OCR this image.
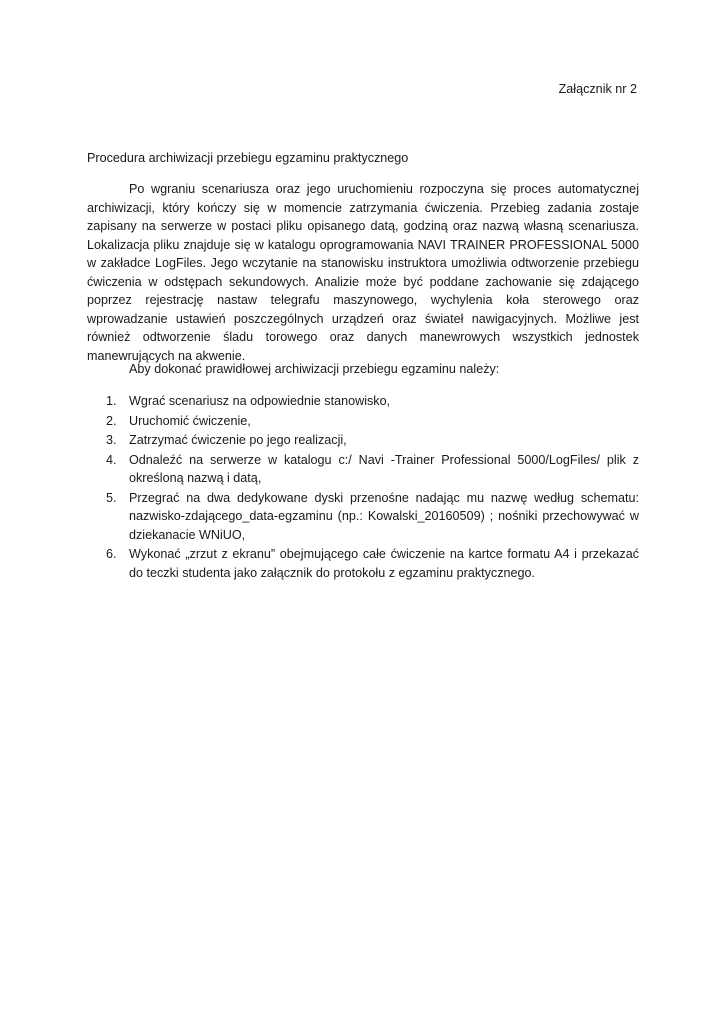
Załącznik nr 2
Procedura archiwizacji przebiegu egzaminu praktycznego

Po wgraniu scenariusza oraz jego uruchomieniu rozpoczyna się proces automatycznej archiwizacji, który kończy się w momencie zatrzymania ćwiczenia. Przebieg zadania zostaje zapisany na serwerze w postaci pliku opisanego datą, godziną oraz nazwą własną scenariusza. Lokalizacja pliku znajduje się w katalogu oprogramowania NAVI TRAINER PROFESSIONAL 5000 w zakładce LogFiles. Jego wczytanie na stanowisku instruktora umożliwia odtworzenie przebiegu ćwiczenia w odstępach sekundowych. Analizie może być poddane zachowanie się zdającego poprzez rejestrację nastaw telegrafu maszynowego, wychylenia koła sterowego oraz wprowadzanie ustawień poszczególnych urządzeń oraz świateł nawigacyjnych. Możliwe jest również odtworzenie śladu torowego oraz danych manewrowych wszystkich jednostek manewrujących na akwenie.

Aby dokonać prawidłowej archiwizacji przebiegu egzaminu należy:

1. Wgrać scenariusz na odpowiednie stanowisko,
2. Uruchomić ćwiczenie,
3. Zatrzymać ćwiczenie po jego realizacji,
4. Odnaleźć na serwerze w katalogu c:/ Navi -Trainer Professional 5000/LogFiles/ plik z określoną nazwą i datą,
5. Przegrać na dwa dedykowane dyski przenośne nadając mu nazwę według schematu: nazwisko-zdającego_data-egzaminu (np.: Kowalski_20160509) ; nośniki przechowywać w dziekanacie WNiUO,
6. Wykonać „zrzut z ekranu” obejmującego całe ćwiczenie na kartce formatu A4 i przekazać do teczki studenta jako załącznik do protokołu z egzaminu praktycznego.
